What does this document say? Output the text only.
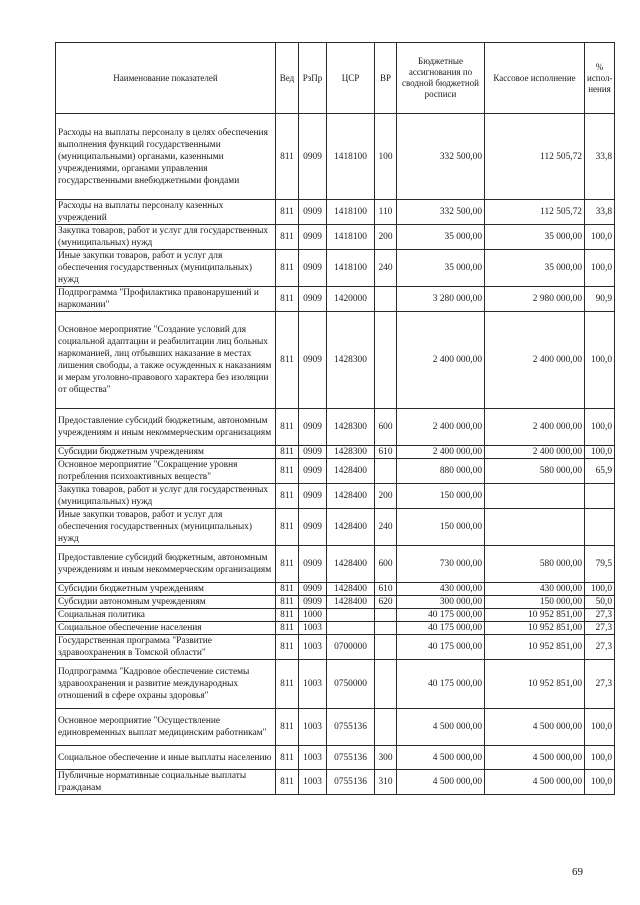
Наименование показателей	Вед	РзПр	ЦСР	ВР	Бюджетные ассигнования по сводной бюджетной росписи	Кассовое исполнение	% испол-нения
Расходы на выплаты персоналу в целях обеспечения выполнения функций государственными (муниципальными) органами, казенными учреждениями, органами управления государственными внебюджетными фондами	811	0909	1418100	100	332 500,00	112 505,72	33,8
Расходы на выплаты персоналу казенных учреждений	811	0909	1418100	110	332 500,00	112 505,72	33,8
Закупка товаров, работ и услуг для государственных (муниципальных) нужд	811	0909	1418100	200	35 000,00	35 000,00	100,0
Иные закупки товаров, работ и услуг для обеспечения государственных (муниципальных) нужд	811	0909	1418100	240	35 000,00	35 000,00	100,0
Подпрограмма "Профилактика правонарушений и наркомании"	811	0909	1420000		3 280 000,00	2 980 000,00	90,9
Основное мероприятие "Создание условий для социальной адаптации и реабилитации лиц больных наркоманией, лиц отбывших наказание в местах лишения свободы, а также осужденных к наказаниям и мерам уголовно-правового характера без изоляции от общества"	811	0909	1428300		2 400 000,00	2 400 000,00	100,0
Предоставление субсидий бюджетным, автономным учреждениям и иным некоммерческим организациям	811	0909	1428300	600	2 400 000,00	2 400 000,00	100,0
Субсидии бюджетным учреждениям	811	0909	1428300	610	2 400 000,00	2 400 000,00	100,0
Основное мероприятие "Сокращение уровня потребления психоактивных веществ"	811	0909	1428400		880 000,00	580 000,00	65,9
Закупка товаров, работ и услуг для государственных (муниципальных) нужд	811	0909	1428400	200	150 000,00		
Иные закупки товаров, работ и услуг для обеспечения государственных (муниципальных) нужд	811	0909	1428400	240	150 000,00		
Предоставление субсидий бюджетным, автономным учреждениям и иным некоммерческим организациям	811	0909	1428400	600	730 000,00	580 000,00	79,5
Субсидии бюджетным учреждениям	811	0909	1428400	610	430 000,00	430 000,00	100,0
Субсидии автономным учреждениям	811	0909	1428400	620	300 000,00	150 000,00	50,0
Социальная политика	811	1000			40 175 000,00	10 952 851,00	27,3
Социальное обеспечение населения	811	1003			40 175 000,00	10 952 851,00	27,3
Государственная программа "Развитие здравоохранения в Томской области"	811	1003	0700000		40 175 000,00	10 952 851,00	27,3
Подпрограмма "Кадровое обеспечение системы здравоохранения и развитие международных отношений в сфере охраны здоровья"	811	1003	0750000		40 175 000,00	10 952 851,00	27,3
Основное мероприятие "Осуществление единовременных выплат медицинским работникам"	811	1003	0755136		4 500 000,00	4 500 000,00	100,0
Социальное обеспечение и иные выплаты населению	811	1003	0755136	300	4 500 000,00	4 500 000,00	100,0
Публичные нормативные социальные выплаты гражданам	811	1003	0755136	310	4 500 000,00	4 500 000,00	100,0
69
